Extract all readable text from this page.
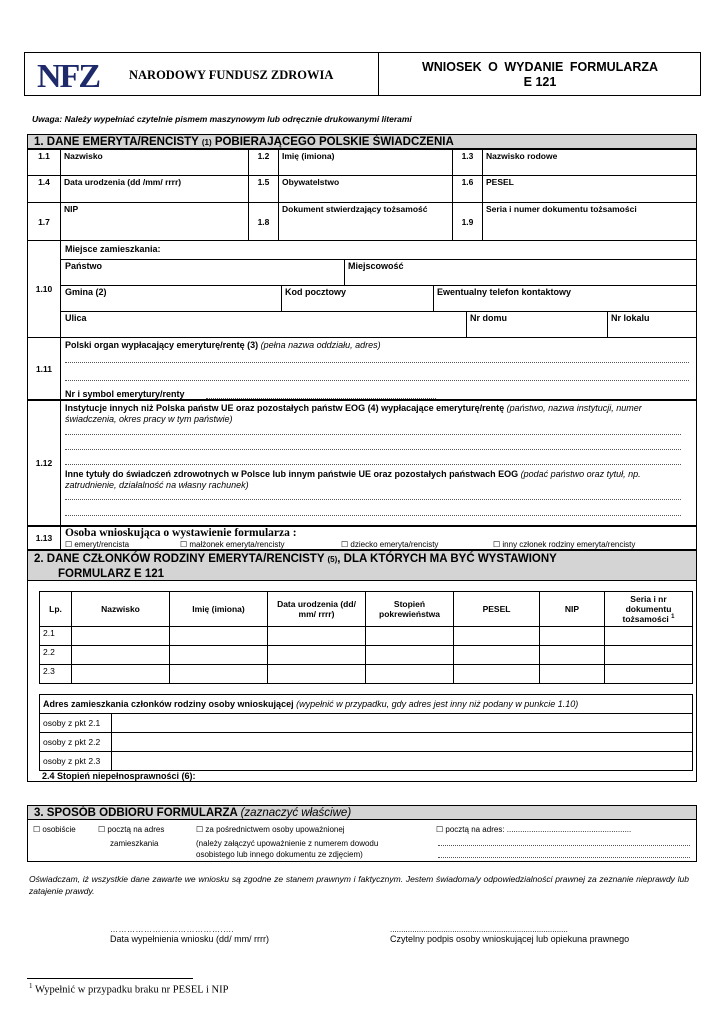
NFZ NARODOWY FUNDUSZ ZDROWIA
WNIOSEK O WYDANIE FORMULARZA
E 121
Uwaga: Należy wypełniać czytelnie pismem maszynowym lub odręcznie drukowanymi literami
1. DANE EMERYTA/RENCISTY (1) POBIERAJĄCEGO POLSKIE ŚWIADCZENIA
1.1	Nazwisko	1.2	Imię (imiona)	1.3	Nazwisko rodowe
1.4	Data urodzenia (dd /mm/ rrrr)	1.5	Obywatelstwo	1.6	PESEL
1.7	NIP	1.8	Dokument stwierdzający tożsamość	1.9	Seria i numer dokumentu tożsamości
1.10
Miejsce zamieszkania:
Państwo	Miejscowość
Gmina (2)	Kod pocztowy	Ewentualny telefon kontaktowy
Ulica	Nr domu	Nr lokalu
1.11
Polski organ wypłacający emeryturę/rentę (3) (pełna nazwa oddziału, adres)
Nr i symbol emerytury/renty
1.12
Instytucje innych niż Polska państw UE oraz pozostałych państw EOG (4) wypłacające emeryturę/rentę (państwo, nazwa instytucji, numer świadczenia, okres pracy w tym państwie)
Inne tytuły do świadczeń zdrowotnych w Polsce lub innym państwie UE oraz pozostałych państwach EOG (podać państwo oraz tytuł, np. zatrudnienie, działalność na własny rachunek)
1.13	Osoba wnioskująca o wystawienie formularza :
☐ emeryt/rencista	☐ małżonek emeryta/rencisty	☐ dziecko emeryta/rencisty	☐ inny członek rodziny emeryta/rencisty
2. DANE CZŁONKÓW RODZINY EMERYTA/RENCISTY (5), DLA KTÓRYCH MA BYĆ WYSTAWIONY
FORMULARZ E 121
Lp.	Nazwisko	Imię (imiona)	Data urodzenia (dd/ mm/ rrrr)	Stopień pokrewieństwa	PESEL	NIP	Seria i nr dokumentu tożsamości $^1$
2.1							
2.2							
2.3							
Adres zamieszkania członków rodziny osoby wnioskującej (wypełnić w przypadku, gdy adres jest inny niż podany w punkcie 1.10)	
osoby z pkt 2.1	
osoby z pkt 2.2	
osoby z pkt 2.3	
2.4 Stopień niepełnosprawności (6):
3. SPOSÓB ODBIORU FORMULARZA (zaznaczyć właściwe)
☐ osobiście	☐ pocztą na adres
zamieszkania
☐ za pośrednictwem osoby upoważnionej
(należy załączyć upoważnienie z numerem dowodu
osobistego lub innego dokumentu ze zdjęciem)
☐ pocztą na adres: ........................................................
Oświadczam, iż wszystkie dane zawarte we wniosku są zgodne ze stanem prawnym i faktycznym. Jestem świadoma/y odpowiedzialności prawnej za zeznanie nieprawdy lub zatajenie prawdy.
………………………………….....
Data wypełnienia wniosku (dd/ mm/ rrrr)
................................................................................
Czytelny podpis osoby wnioskującej lub opiekuna prawnego
$^1$ Wypełnić w przypadku braku nr PESEL i NIP
